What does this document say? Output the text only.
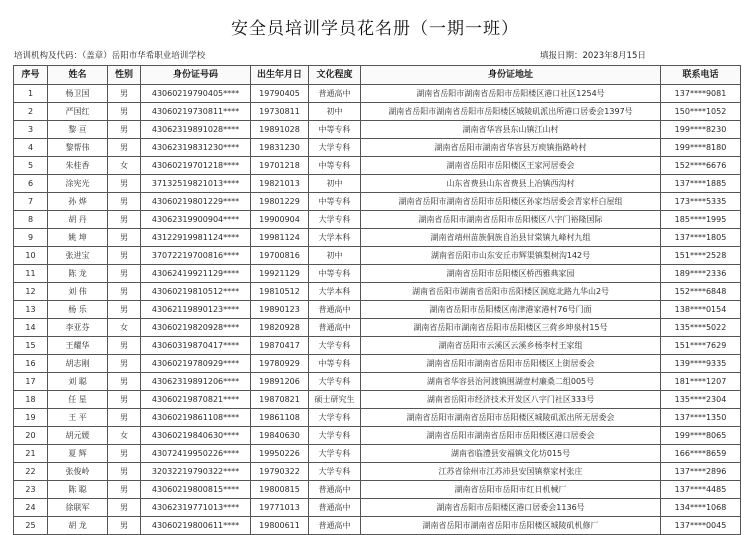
安全员培训学员花名册（一期一班）
培训机构及代码：（盖章）岳阳市华希职业培训学校	填报日期：2023年8月15日
序号	姓名	性别	身份证号码	出生年月日	文化程度	身份证地址	联系电话
1	杨卫国	男	43060219790405****	19790405	普通高中	湖南省岳阳市湖南省岳阳市岳阳楼区港口社区1254号	137****9081
2	严国红	男	43060219730811****	19730811	初中	湖南省岳阳市湖南省岳阳市岳阳楼区城陵矶派出所港口居委会1397号	150****1052
3	黎 亘	男	43062319891028****	19891028	中等专科	湖南省华容县东山镇江山村	199****8230
4	黎帮伟	男	43062319831230****	19831230	大学专科	湖南省岳阳市湖南省华容县万庾镇指路岭村	199****8180
5	朱桂香	女	43060219701218****	19701218	中等专科	湖南省岳阳市岳阳楼区王家河居委会	152****6676
6	涂宪光	男	37132519821013****	19821013	初中	山东省费县山东省费县上冶镇西沟村	137****1885
7	孙 烨	男	43060219801229****	19801229	中等专科	湖南省岳阳市湖南省岳阳市岳阳楼区孙家垱居委会青家杆白屋组	173****5335
8	胡 丹	男	43062319900904****	19900904	大学专科	湖南省岳阳市湖南省岳阳市岳阳楼区八字门裕隆国际	185****1995
9	姚 坤	男	43122919981124****	19981124	大学本科	湖南省靖州苗族侗族自治县甘棠镇九峰村九组	137****1805
10	张进宝	男	37072219700816****	19700816	初中	湖南省岳阳市山东安丘市辉渠镇梨树沟142号	151****2528
11	陈 龙	男	43062419921129****	19921129	中等专科	湖南省岳阳市岳阳楼区桥西雅典家园	189****2336
12	刘 伟	男	43060219810512****	19810512	大学本科	湖南省岳阳市湖南省岳阳市岳阳楼区洞庭北路九华山2号	152****6848
13	杨 乐	男	43062119890123****	19890123	普通高中	湖南省岳阳市岳阳楼区南津港家港村76号门面	138****0154
14	李亚芬	女	43060219820928****	19820928	普通高中	湖南省岳阳市湖南省岳阳市岳阳楼区三荷乡坤泉村15号	135****5022
15	王耀华	男	43060319870417****	19870417	大学专科	湖南省岳阳市云溪区云溪乡杨李村王家组	151****7629
16	胡志刚	男	43060219780929****	19780929	中等专科	湖南省岳阳市湖南省岳阳市岳阳楼区上街居委会	139****9335
17	刘 聪	男	43062319891206****	19891206	大学专科	湖南省华容县治河渡镇围湖壹村廉桑二组005号	181****1207
18	任 星	男	43060219870821****	19870821	硕士研究生	湖南省岳阳市经济技术开发区八字门社区333号	135****2304
19	王 平	男	43060219861108****	19861108	大学专科	湖南省岳阳市湖南省岳阳市岳阳楼区城陵矶派出所无居委会	137****1350
20	胡元媛	女	43060219840630****	19840630	大学专科	湖南省岳阳市湖南省岳阳市岳阳楼区港口居委会	199****8065
21	夏 辉	男	43072419950226****	19950226	大学专科	湖南省临澧县安福镇文化坊015号	166****8659
22	张俊岭	男	32032219790322****	19790322	大学专科	江苏省徐州市江苏沛县安国镇蔡家村张庄	137****2896
23	陈 聪	男	43060219800815****	19800815	普通高中	湖南省岳阳市岳阳市红日机械厂	137****4485
24	徐联军	男	43062319771013****	19771013	普通高中	湖南省岳阳市岳阳楼区港口居委会1136号	134****1068
25	胡 龙	男	43060219800611****	19800611	普通高中	湖南省岳阳市湖南省岳阳市岳阳楼区城陵矶机修厂	137****0045
